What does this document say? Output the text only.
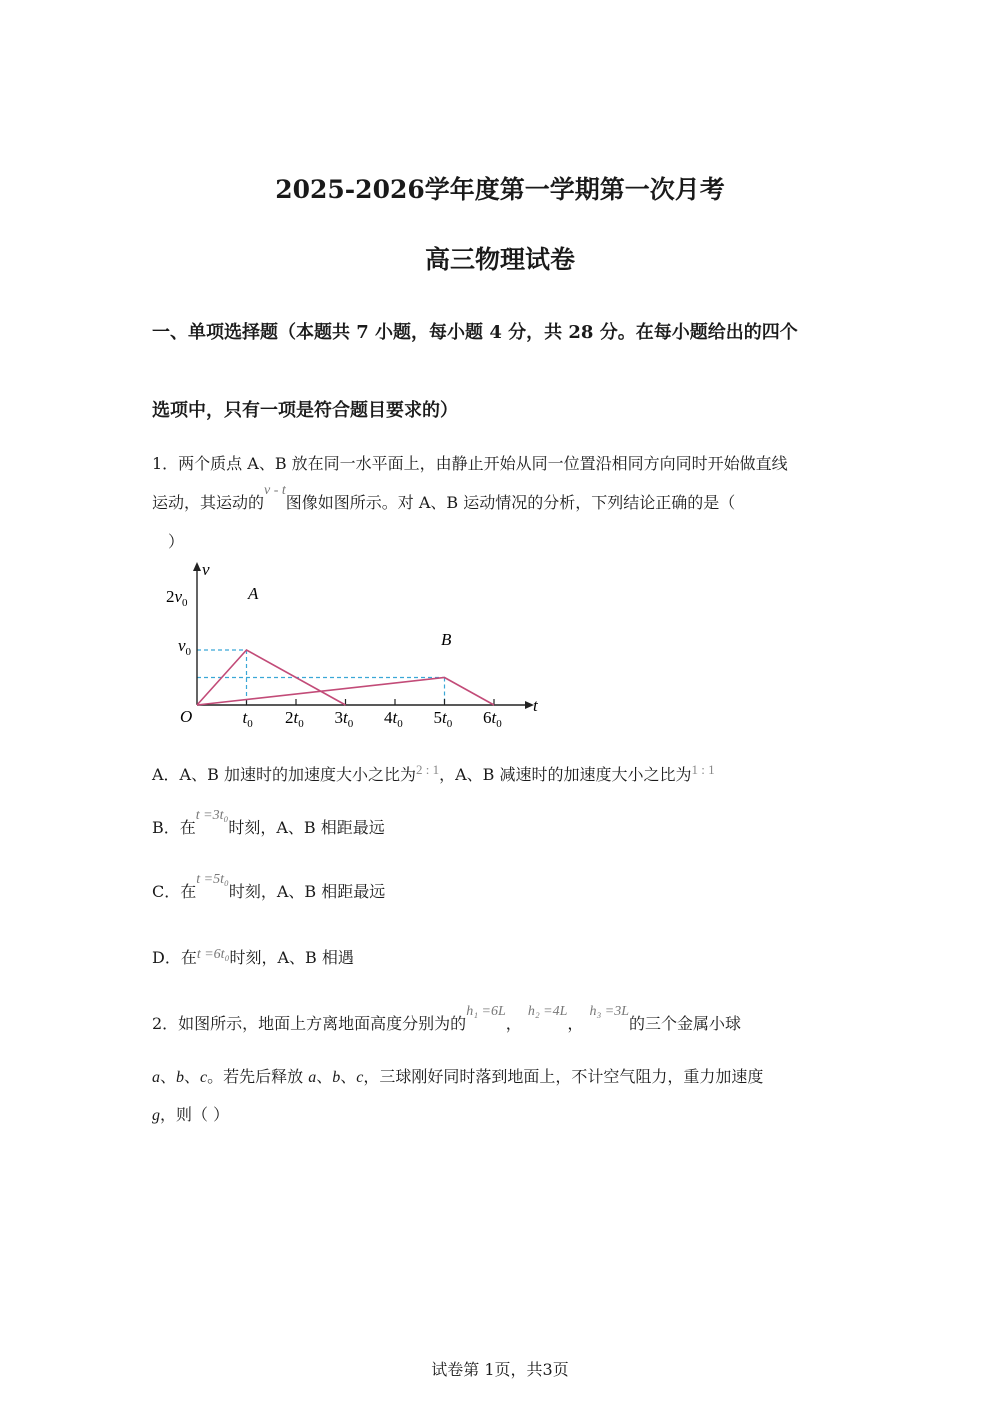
2025-2026学年度第一学期第一次月考
高三物理试卷
一、单项选择题（本题共 7 小题，每小题 4 分，共 28 分。在每小题给出的四个
选项中，只有一项是符合题目要求的）
1．两个质点 A、B 放在同一水平面上，由静止开始从同一位置沿相同方向同时开始做直线
运动，其运动的v - t图像如图所示。对 A、B 运动情况的分析，下列结论正确的是（
）
v
t
O	$t_0$ $2t_0$ $3t_0$ $4t_0$ $5t_0$ $6t_0$
A
B
$2v_0$
$v_0$
A．A、B 加速时的加速度大小之比为$^{2 : 1}$，A、B 减速时的加速度大小之比为$^{1 : 1}$
B．在t =3t₀时刻，A、B 相距最远
C．在t =5t₀时刻，A、B 相距最远
D．在t =6t₀时刻，A、B 相遇
2．如图所示，地面上方离地面高度分别为的h₁ =6L，h₂ =4L，h₃ =3L的三个金属小球
a、b、c。若先后释放 a、b、c，三球刚好同时落到地面上，不计空气阻力，重力加速度
g，则（ ）
试卷第 1页，共3页
